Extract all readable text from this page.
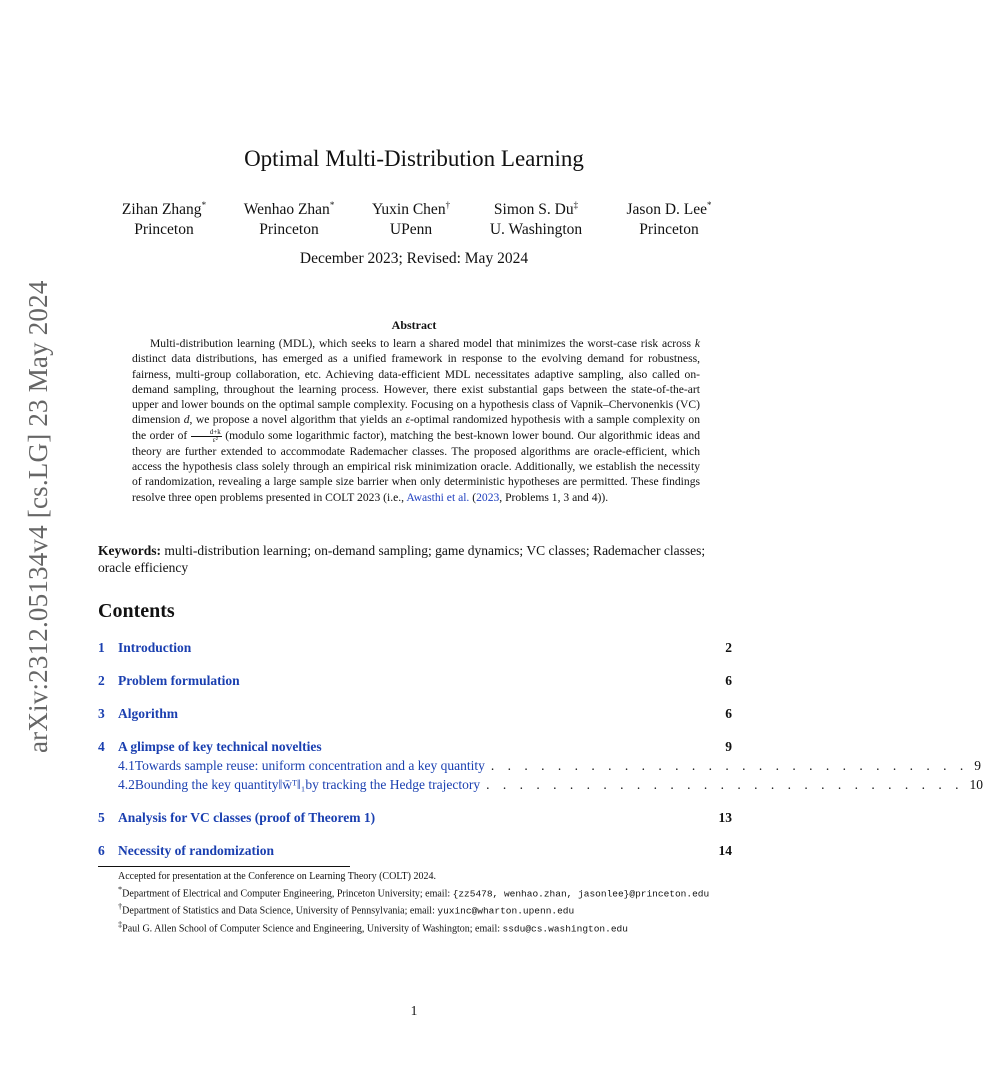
arXiv:2312.05134v4 [cs.LG] 23 May 2024
Optimal Multi-Distribution Learning
Zihan Zhang*
Princeton
Wenhao Zhan*
Princeton
Yuxin Chen†
UPenn
Simon S. Du‡
U. Washington
Jason D. Lee*
Princeton
December 2023; Revised: May 2024
Abstract
Multi-distribution learning (MDL), which seeks to learn a shared model that minimizes the worst-case risk across k distinct data distributions, has emerged as a unified framework in response to the evolving demand for robustness, fairness, multi-group collaboration, etc. Achieving data-efficient MDL necessitates adaptive sampling, also called on-demand sampling, throughout the learning process. However, there exist substantial gaps between the state-of-the-art upper and lower bounds on the optimal sample complexity. Focusing on a hypothesis class of Vapnik–Chervonenkis (VC) dimension d, we propose a novel algorithm that yields an ε-optimal randomized hypothesis with a sample complexity on the order of $\frac{d+k}{\text{ε²}}$ (modulo some logarithmic factor), matching the best-known lower bound. Our algorithmic ideas and theory are further extended to accommodate Rademacher classes. The proposed algorithms are oracle-efficient, which access the hypothesis class solely through an empirical risk minimization oracle. Additionally, we establish the necessity of randomization, revealing a large sample size barrier when only deterministic hypotheses are permitted. These findings resolve three open problems presented in COLT 2023 (i.e., Awasthi et al. (2023, Problems 1, 3 and 4)).
Keywords: multi-distribution learning; on-demand sampling; game dynamics; VC classes; Rademacher classes; oracle efficiency
Contents
1 Introduction	2
2 Problem formulation	6
3 Algorithm	6
4 A glimpse of key technical novelties	9
4.1 Towards sample reuse: uniform concentration and a key quantity . . . . . . . . . . . . . . . . . . . . . . . . . . . . . 9
4.2 Bounding the key quantity ‖w̄ᵀ‖₁ by tracking the Hedge trajectory . . . . . . . . . . . . . . . . . . . . . . . . . . . . . 10
5 Analysis for VC classes (proof of Theorem 1)	13
6 Necessity of randomization	14

Accepted for presentation at the Conference on Learning Theory (COLT) 2024.

*Department of Electrical and Computer Engineering, Princeton University; email: {zz5478, wenhao.zhan, jasonlee}@princeton.edu

†Department of Statistics and Data Science, University of Pennsylvania; email: yuxinc@wharton.upenn.edu

‡Paul G. Allen School of Computer Science and Engineering, University of Washington; email: ssdu@cs.washington.edu

1
